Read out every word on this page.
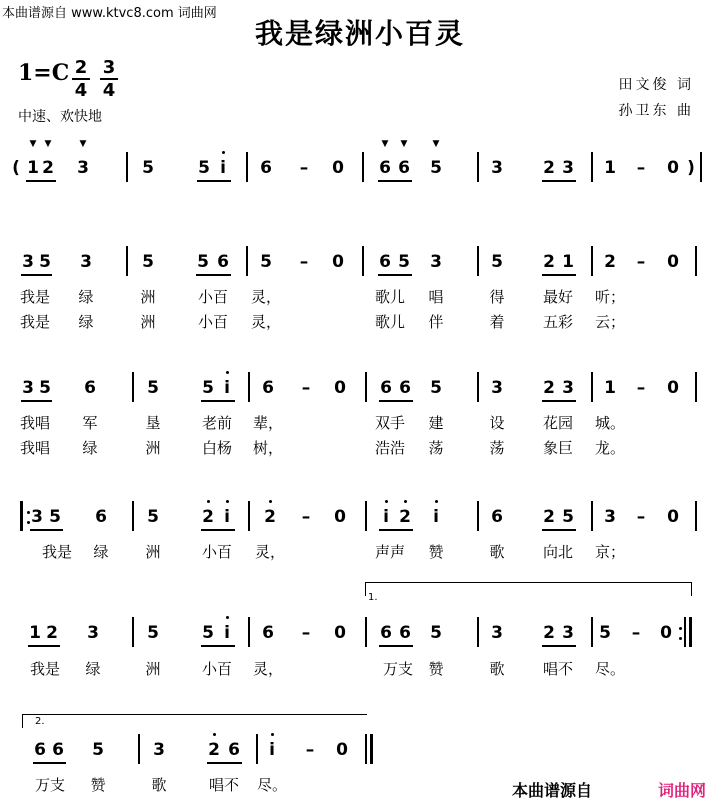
本曲谱源自 www.ktvc8.com 词曲网
我是绿洲小百灵
1=C 2
4
3
4
中速、欢快地
田文俊 词
孙卫东 曲
( 1 2 3
▼ ▼	▼
5	5 i 6 – 0 6 6 5
▼ ▼	▼
3 2 3 1 – 0 )
3 5 3	5	5 6 5 – 0 6 5 3	5 2 1 2 – 0
我是 绿	洲	小百 灵，	歌儿 唱	得	最好 听；
我是 绿	洲	小百 灵，	歌儿 伴	着	五彩 云；
3 5 6	5	5 i 6 – 0 6 6 5	3 2 3 1 – 0
我唱 军	垦	老前 辈，	双手 建	设	花园 城。
我唱 绿	洲	白杨 树，	浩浩 荡	荡	象巨 龙。
3 5 6 5	2 i 2 – 0 i 2 i	6 2 5 3 – 0
我是 绿 洲	小百 灵，	声声 赞	歌	向北 京；
1.
1 2 3	5	5 i 6 – 0 6 6 5	3 2 3 5 – 0
我是 绿	洲	小百 灵，	万支 赞	歌	唱不 尽。
2.
6 6 5	3	2 6 i – 0
万支 赞	歌	唱不 尽。	本曲谱源自	词曲网
